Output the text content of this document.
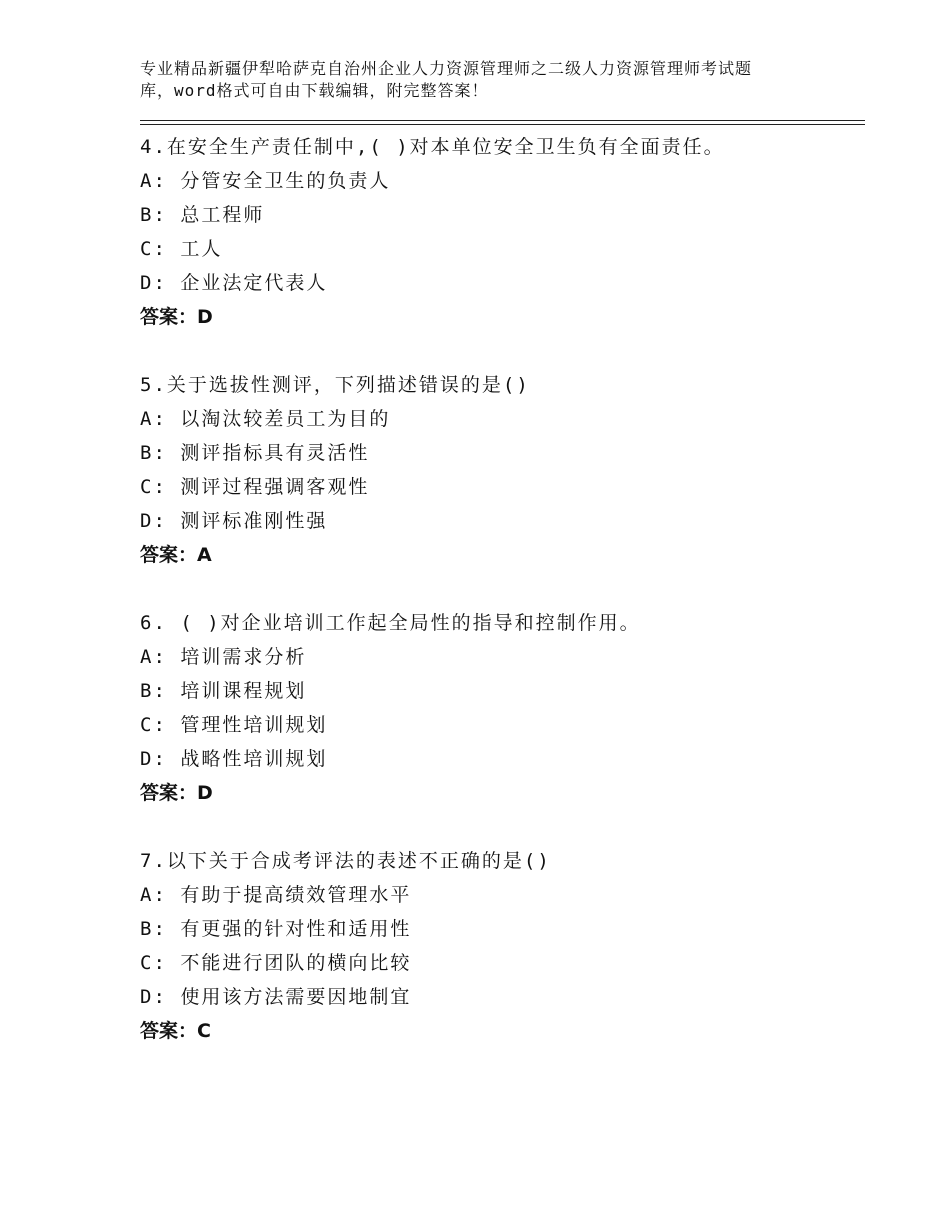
专业精品新疆伊犁哈萨克自治州企业人力资源管理师之二级人力资源管理师考试题
库，word格式可自由下载编辑，附完整答案！
4.在安全生产责任制中,( )对本单位安全卫生负有全面责任。
A: 分管安全卫生的负责人
B: 总工程师
C: 工人
D: 企业法定代表人
答案：D
5.关于选拔性测评，下列描述错误的是()
A: 以淘汰较差员工为目的
B: 测评指标具有灵活性
C: 测评过程强调客观性
D: 测评标准刚性强
答案：A
6. ( )对企业培训工作起全局性的指导和控制作用。
A: 培训需求分析
B: 培训课程规划
C: 管理性培训规划
D: 战略性培训规划
答案：D
7.以下关于合成考评法的表述不正确的是()
A: 有助于提高绩效管理水平
B: 有更强的针对性和适用性
C: 不能进行团队的横向比较
D: 使用该方法需要因地制宜
答案：C
